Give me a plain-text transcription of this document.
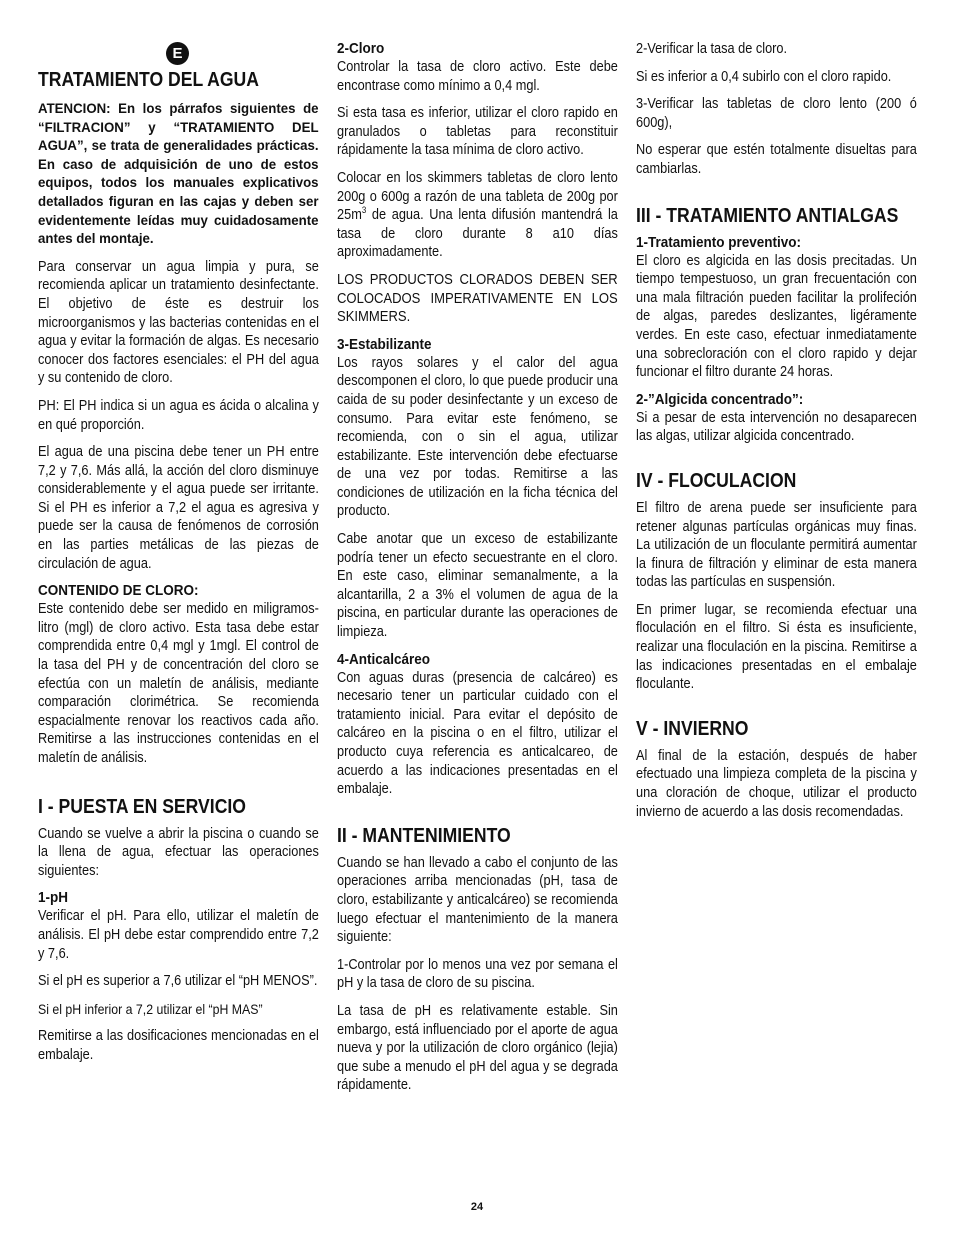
E
TRATAMIENTO DEL AGUA

ATENCION: En los párrafos siguientes de “FILTRACION” y “TRATAMIENTO DEL AGUA”, se trata de generalidades prácticas. En caso de adquisición de uno de estos equipos, todos los manuales explicativos detallados figuran en las cajas y deben ser evidentemente leídas muy cuidadosamente antes del montaje.

Para conservar un agua limpia y pura, se recomienda aplicar un tratamiento desinfectante. El objetivo de éste es destruir los microorganismos y las bacterias contenidas en el agua y evitar la formación de algas. Es necesario conocer dos factores esenciales: el PH del agua y su contenido de cloro.

PH: El PH indica si un agua es ácida o alcalina y en qué proporción.

El agua de una piscina debe tener un PH entre 7,2 y 7,6. Más allá, la acción del cloro disminuye considerablemente y el agua puede ser irritante. Si el PH es inferior a 7,2 el agua es agresiva y puede ser la causa de fenómenos de corrosión en las parties metálicas de las piezas de circulación de agua.

CONTENIDO DE CLORO:

Este contenido debe ser medido en miligramos-litro (mgl) de cloro activo. Esta tasa debe estar comprendida entre 0,4 mgl y 1mgl. El control de la tasa del PH y de concentración del cloro se efectúa con un maletín de análisis, mediante comparación clorimétrica. Se recomienda espacialmente renovar los reactivos cada año. Remitirse a las instrucciones contenidas en el maletín de análisis.

I - PUESTA EN SERVICIO

Cuando se vuelve a abrir la piscina o cuando se la llena de agua, efectuar las operaciones siguientes:

1-pH

Verificar el pH. Para ello, utilizar el maletín de análisis. El pH debe estar comprendido entre 7,2 y 7,6.

Si el pH es superior a 7,6 utilizar el “pH MENOS”.

Si el pH inferior a 7,2 utilizar el “pH MAS”

Remitirse a las dosificaciones mencionadas en el embalaje.

2-Cloro

Controlar la tasa de cloro activo. Este debe encontrase como mínimo a 0,4 mgl.

Si esta tasa es inferior, utilizar el cloro rapido en granulados o tabletas para reconstituir rápidamente la tasa mínima de cloro activo.

Colocar en los skimmers tabletas de cloro lento 200g o 600g a razón de una tableta de 200g por $25m^3$ de agua. Una lenta difusión mantendrá la tasa de cloro durante 8 a10 días aproximadamente.

LOS PRODUCTOS CLORADOS DEBEN SER COLOCADOS IMPERATIVAMENTE EN LOS SKIMMERS.

3-Estabilizante

Los rayos solares y el calor del agua descomponen el cloro, lo que puede producir una caida de su poder desinfectante y un exceso de consumo. Para evitar este fenómeno, se recomienda, con o sin el agua, utilizar estabilizante. Este intervención debe efectuarse de una vez por todas. Remitirse a las condiciones de utilización en la ficha técnica del producto.

Cabe anotar que un exceso de estabilizante podría tener un efecto secuestrante en el cloro. En este caso, eliminar semanalmente, a la alcantarilla, 2 a 3% el volumen de agua de la piscina, en particular durante las operaciones de limpieza.

4-Anticalcáreo

Con aguas duras (presencia de calcáreo) es necesario tener un particular cuidado con el tratamiento inicial. Para evitar el depósito de calcáreo en la piscina o en el filtro, utilizar el producto cuya referencia es anticalcareo, de acuerdo a las indicaciones presentadas en el embalaje.

II - MANTENIMIENTO

Cuando se han llevado a cabo el conjunto de las operaciones arriba mencionadas (pH, tasa de cloro, estabilizante y anticalcáreo) se recomienda luego efectuar el mantenimiento de la manera siguiente:

1-Controlar por lo menos una vez por semana el pH y la tasa de cloro de su piscina.

La tasa de pH es relativamente estable. Sin embargo, está influenciado por el aporte de agua nueva y por la utilización de cloro orgánico (lejia) que sube a menudo el pH del agua y se degrada rápidamente.

2-Verificar la tasa de cloro.

Si es inferior a 0,4 subirlo con el cloro rapido.

3-Verificar las tabletas de cloro lento (200 ó 600g),

No esperar que estén totalmente disueltas para cambiarlas.

III - TRATAMIENTO ANTIALGAS
1-Tratamiento preventivo:

El cloro es algicida en las dosis precitadas. Un tiempo tempestuoso, un gran frecuentación con una mala filtración pueden facilitar la prolifeción de algas, paredes deslizantes, ligéramente verdes. En este caso, efectuar inmediatamente una sobrecloración con el cloro rapido y dejar funcionar el filtro durante 24 horas.

2-”Algicida concentrado”:

Si a pesar de esta intervención no desaparecen las algas, utilizar algicida concentrado.

IV - FLOCULACION

El filtro de arena puede ser insuficiente para retener algunas partículas orgánicas muy finas. La utilización de un floculante permitirá aumentar la finura de filtración y eliminar de esta manera todas las partículas en suspensión.

En primer lugar, se recomienda efectuar una floculación en el filtro. Si ésta es insuficiente, realizar una floculación en la piscina. Remitirse a las indicaciones presentadas en el embalaje floculante.

V - INVIERNO

Al final de la estación, después de haber efectuado una limpieza completa de la piscina y una cloración de choque, utilizar el producto invierno de acuerdo a las dosis recomendadas.

24
